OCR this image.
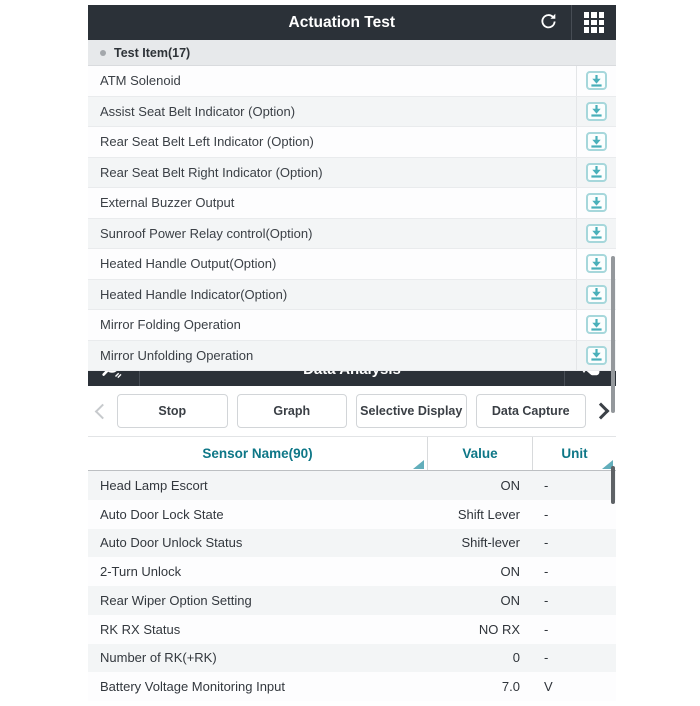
Actuation Test
Test Item(17)
ATM Solenoid
Assist Seat Belt Indicator (Option)
Rear Seat Belt Left Indicator (Option)
Rear Seat Belt Right Indicator (Option)
External Buzzer Output
Sunroof Power Relay control(Option)
Heated Handle Output(Option)
Heated Handle Indicator(Option)
Mirror Folding Operation
Mirror Unfolding Operation
Stop	Graph	Selective Display	Data Capture
Sensor Name(90)	Value	Unit
Head Lamp Escort	ON	-
Auto Door Lock State	Shift Lever	-
Auto Door Unlock Status	Shift-lever	-
2-Turn Unlock	ON	-
Rear Wiper Option Setting	ON	-
RK RX Status	NO RX	-
Number of RK(+RK)	0	-
Battery Voltage Monitoring Input	7.0	V
